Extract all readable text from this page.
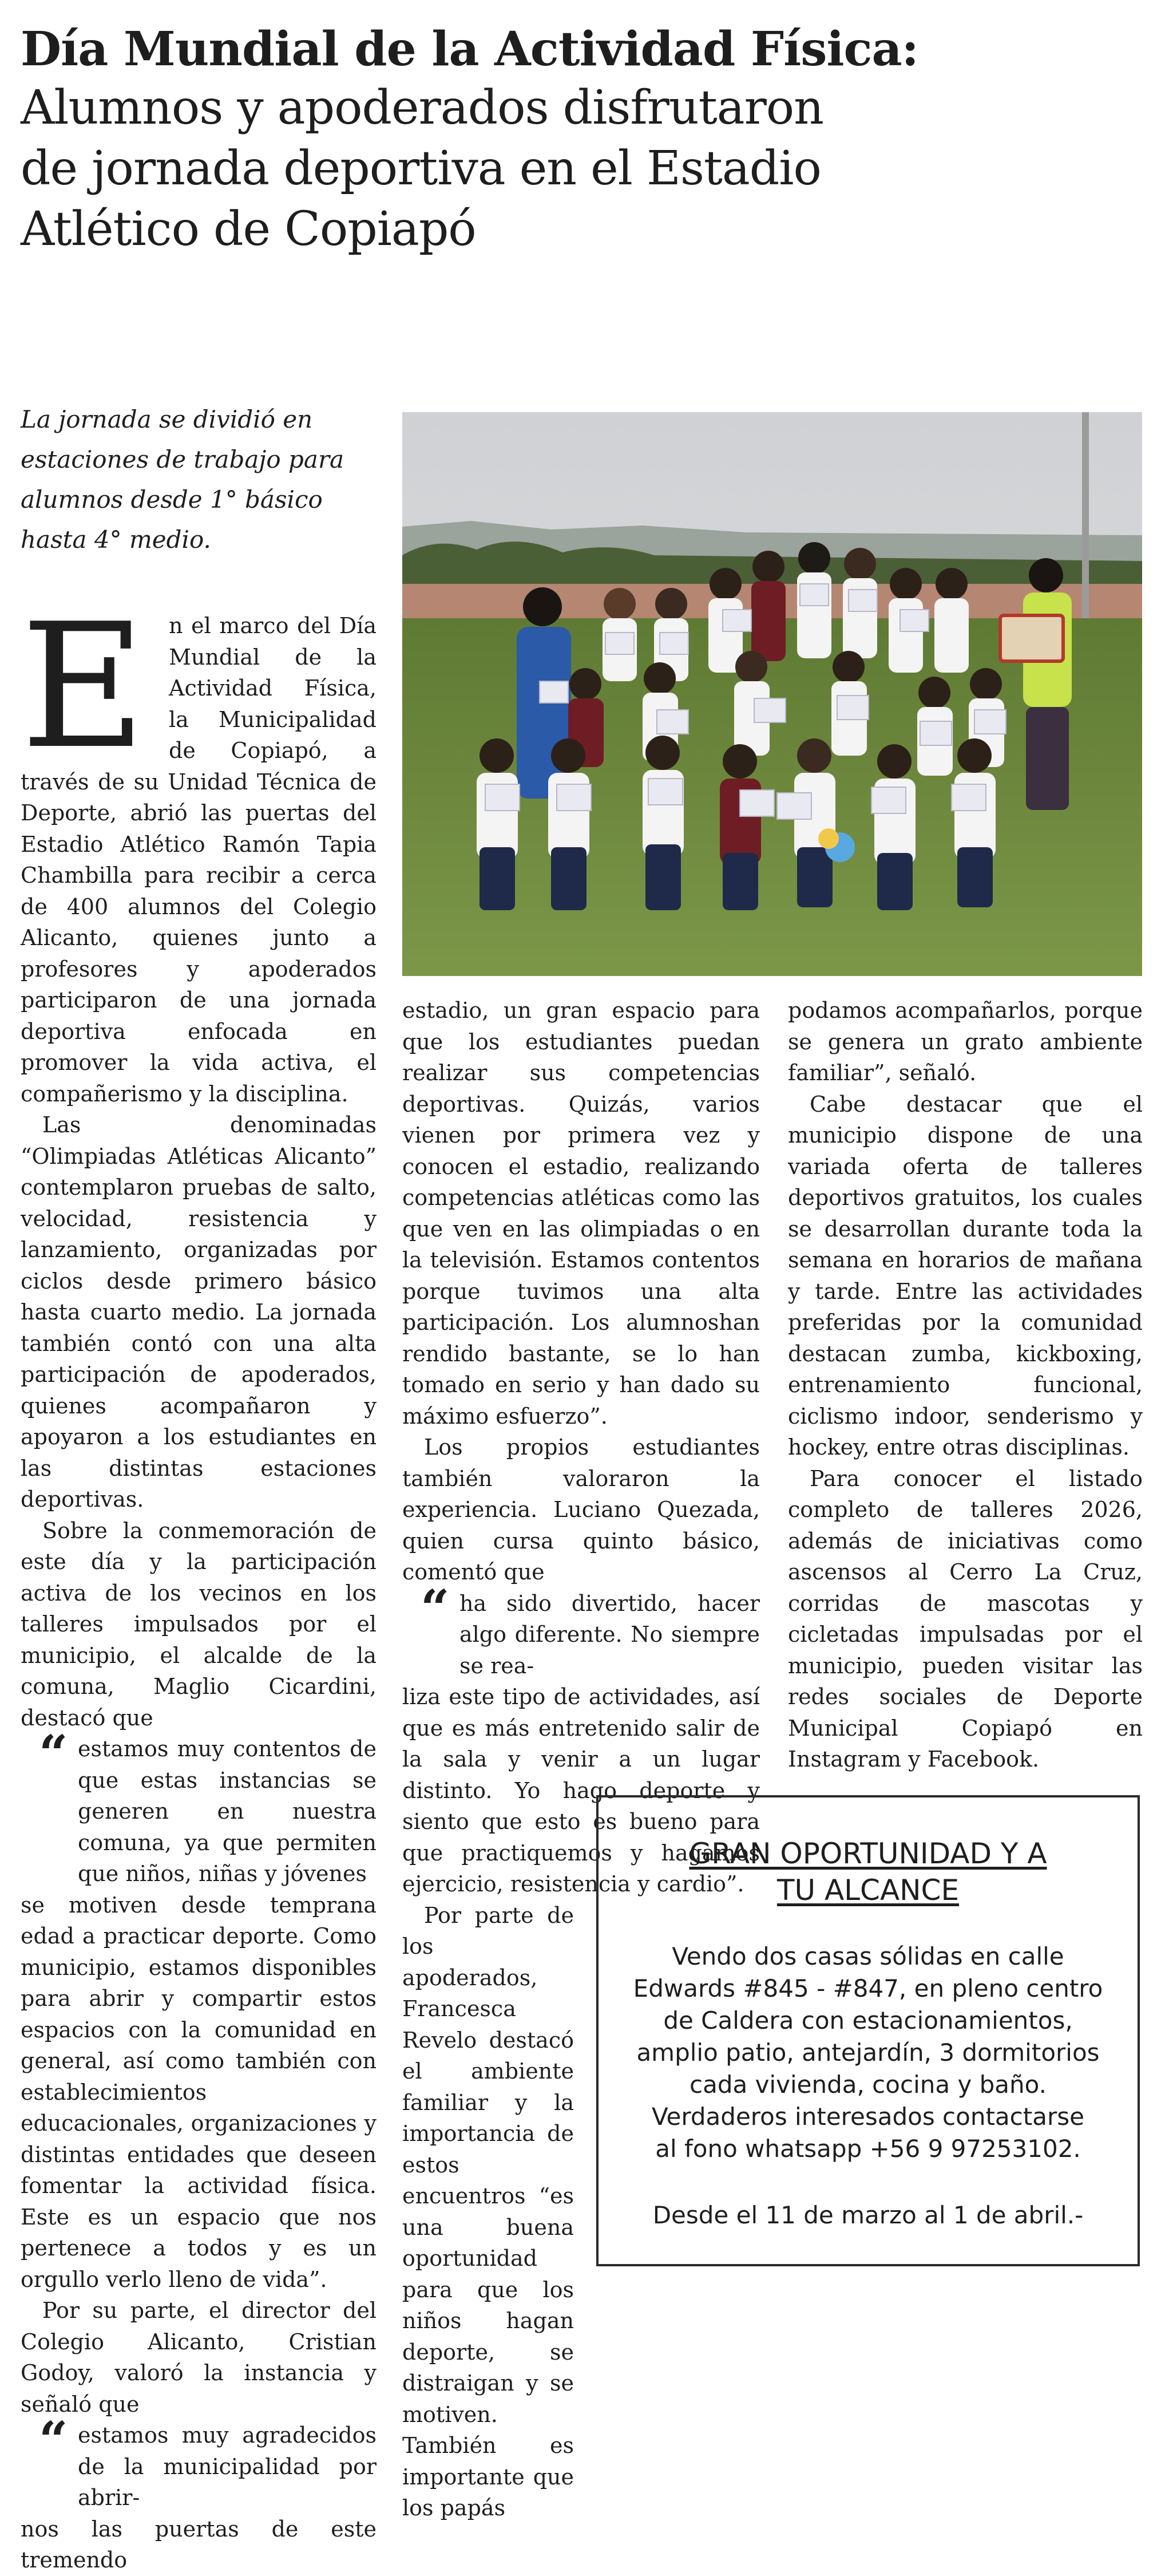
Día Mundial de la Actividad Física:
Alumnos y apoderados disfrutaron
de jornada deportiva en el Estadio
Atlético de Copiapó
La jornada se dividió en
estaciones de trabajo para
alumnos desde 1° básico
hasta 4° medio.
E	n el marco del Día Mundial de la Actividad Física, la Municipalidad de Copiapó, a través de su Unidad Técnica de Deporte, abrió las puertas del Estadio Atlético Ramón Tapia Chambilla para recibir a cerca de 400 alumnos del Colegio Alicanto, quienes junto a profesores y apoderados participaron de una jornada deportiva enfocada en promover la vida activa, el compañerismo y la disciplina.

Las denominadas “Olimpiadas Atléticas Alicanto” contemplaron pruebas de salto, velocidad, resistencia y lanzamiento, organizadas por ciclos desde primero básico hasta cuarto medio. La jornada también contó con una alta participación de apoderados, quienes acompañaron y apoyaron a los estudiantes en las distintas estaciones deportivas.

Sobre la conmemoración de este día y la participación activa de los vecinos en los talleres impulsados por el municipio, el alcalde de la comuna, Maglio Cicardini, destacó que

“ estamos muy contentos de que estas instancias se generen en nuestra comuna, ya que permiten que niños, niñas y jóvenes

se motiven desde temprana edad a practicar deporte. Como municipio, estamos disponibles para abrir y compartir estos espacios con la comunidad en general, así como también con establecimientos educacionales, organizaciones y distintas entidades que deseen fomentar la actividad física. Este es un espacio que nos pertenece a todos y es un orgullo verlo lleno de vida”.

Por su parte, el director del Colegio Alicanto, Cristian Godoy, valoró la instancia y señaló que

“ estamos muy agradecidos de la municipalidad por abrir-

nos las puertas de este tremendo

estadio, un gran espacio para que los estudiantes puedan realizar sus competencias deportivas. Quizás, varios vienen por primera vez y conocen el estadio, realizando competencias atléticas como las que ven en las olimpiadas o en la televisión. Estamos contentos porque tuvimos una alta participación. Los alumnoshan rendido bastante, se lo han tomado en serio y han dado su máximo esfuerzo”.

Los propios estudiantes también valoraron la experiencia. Luciano Quezada, quien cursa quinto básico, comentó que

“ ha sido divertido, hacer algo diferente. No siempre se rea-

liza este tipo de actividades, así que es más entretenido salir de la sala y venir a un lugar distinto. Yo hago deporte y siento que esto es bueno para que practiquemos y hagamos ejercicio, resistencia y cardio”.

Por parte de los apoderados, Francesca Revelo destacó el ambiente familiar y la importancia de estos encuentros “es una buena oportunidad para que los niños hagan deporte, se distraigan y se motiven. También es importante que los papás

podamos acompañarlos, porque se genera un grato ambiente familiar”, señaló.

Cabe destacar que el municipio dispone de una variada oferta de talleres deportivos gratuitos, los cuales se desarrollan durante toda la semana en horarios de mañana y tarde. Entre las actividades preferidas por la comunidad destacan zumba, kickboxing, entrenamiento funcional, ciclismo indoor, senderismo y hockey, entre otras disciplinas.

Para conocer el listado completo de talleres 2026, además de iniciativas como ascensos al Cerro La Cruz, corridas de mascotas y cicletadas impulsadas por el municipio, pueden visitar las redes sociales de Deporte Municipal Copiapó en Instagram y Facebook.

GRAN OPORTUNIDAD Y A
TU ALCANCE
Vendo dos casas sólidas en calle
Edwards #845 - #847, en pleno centro
de Caldera con estacionamientos,
amplio patio, antejardín, 3 dormitorios
cada vivienda, cocina y baño.
Verdaderos interesados contactarse
al fono whatsapp +56 9 97253102.
Desde el 11 de marzo al 1 de abril.-
